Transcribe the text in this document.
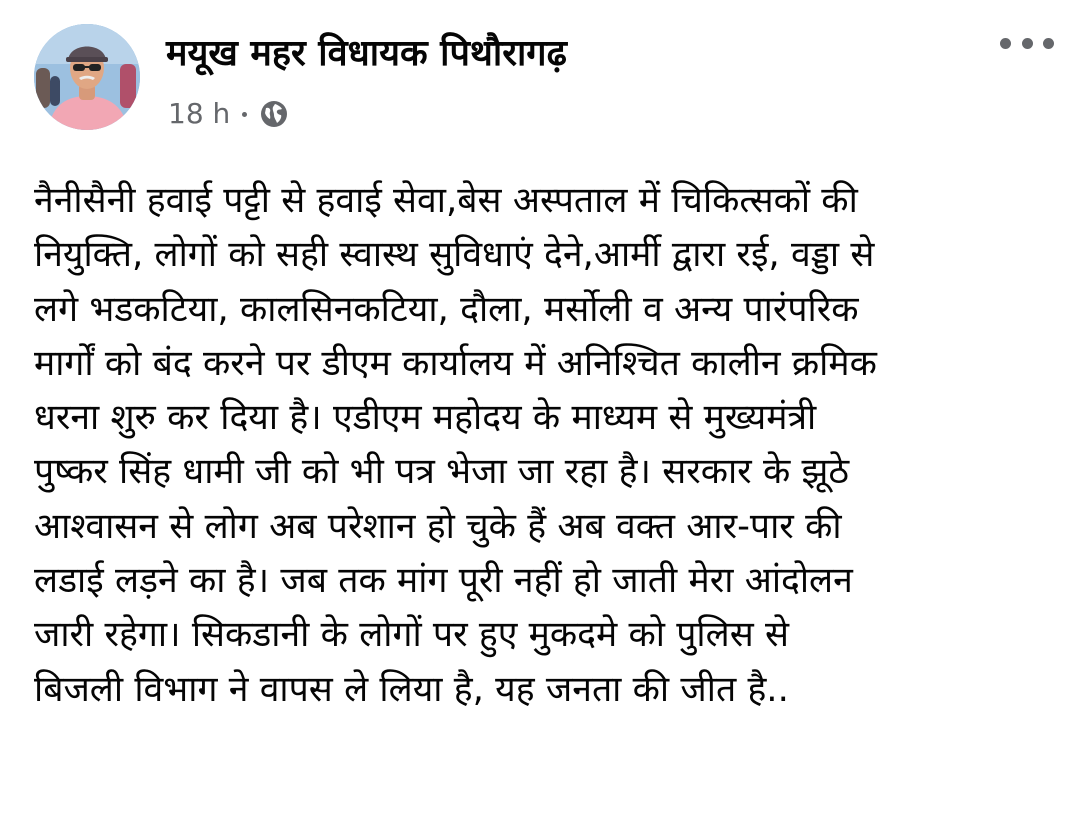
मयूख महर विधायक पिथौरागढ़
18 h
नैनीसैनी हवाई पट्टी से हवाई सेवा,बेस अस्पताल में चिकित्सकों की
नियुक्ति, लोगों को सही स्वास्थ सुविधाएं देने,आर्मी द्वारा रई, वड्डा से
लगे भडकटिया, कालसिनकटिया, दौला, मर्सोली व अन्य पारंपरिक
मार्गों को बंद करने पर डीएम कार्यालय में अनिश्चित कालीन क्रमिक
धरना शुरु कर दिया है। एडीएम महोदय के माध्यम से मुख्यमंत्री
पुष्कर सिंह धामी जी को भी पत्र भेजा जा रहा है। सरकार के झूठे
आश्वासन से लोग अब परेशान हो चुके हैं अब वक्त आर-पार की
लडाई लड़ने का है। जब तक मांग पूरी नहीं हो जाती मेरा आंदोलन
जारी रहेगा। सिकडानी के लोगों पर हुए मुकदमे को पुलिस से
बिजली विभाग ने वापस ले लिया है, यह जनता की जीत है..
